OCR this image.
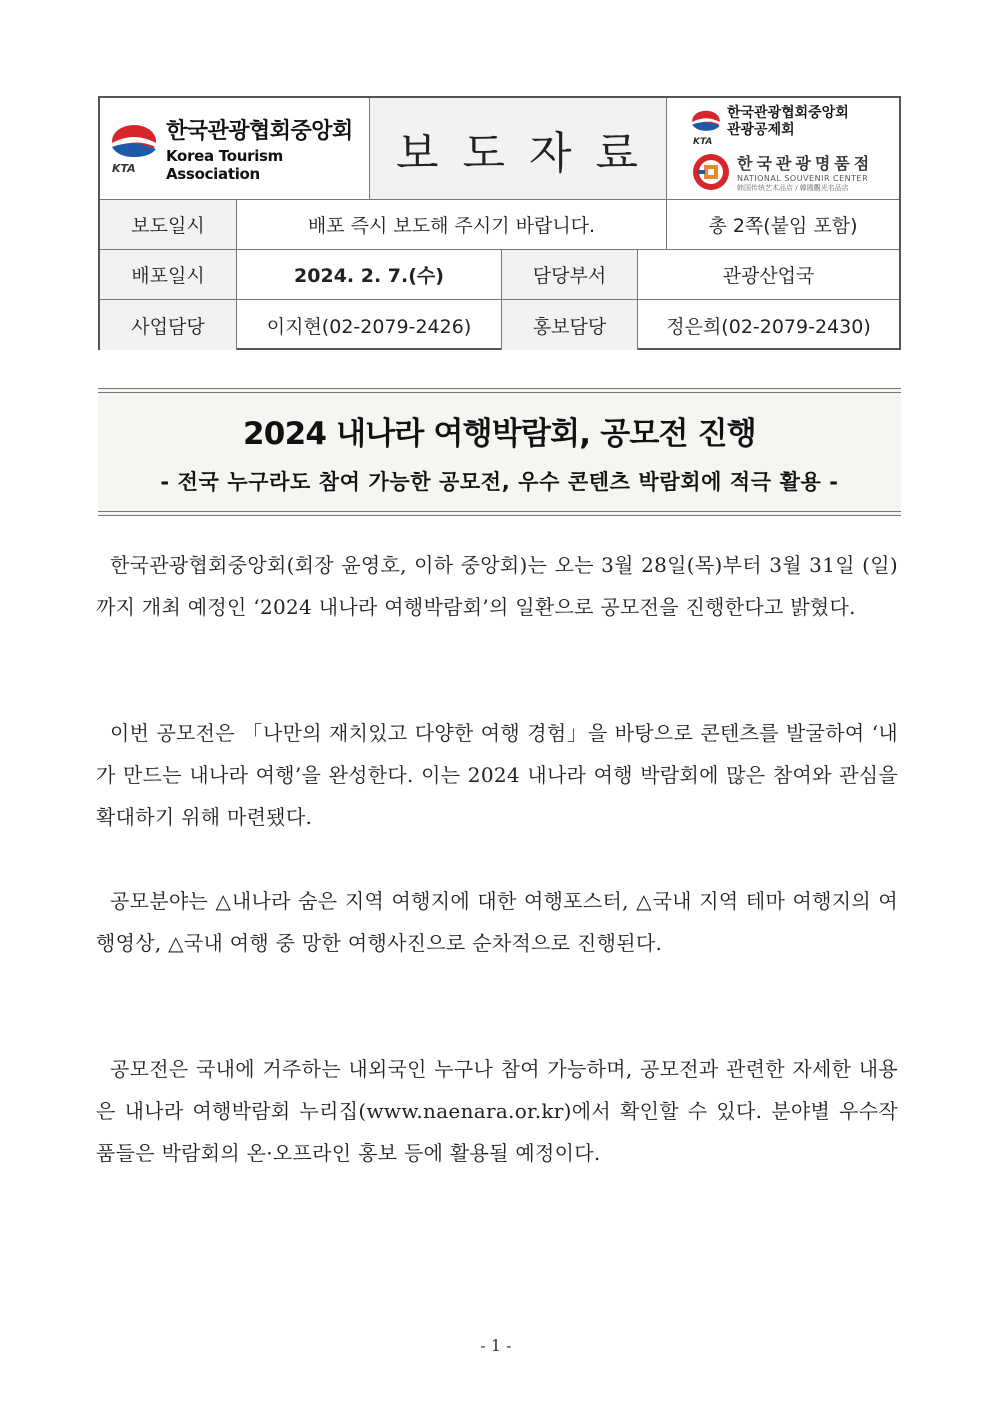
KTA
한국관광협회중앙회
Korea Tourism Association	보도자료
한국관광협회중앙회
관광공제회
KTA
한국관광명품점
NATIONAL SOUVENIR CENTER
韩国传统艺术品店 / 韓國觀光名品店
보도일시	배포 즉시 보도해 주시기 바랍니다.	총 2쪽(붙임 포함)
배포일시	2024. 2. 7.(수)	담당부서	관광산업국
사업담당	이지현(02-2079-2426)	홍보담당	정은희(02-2079-2430)
2024 내나라 여행박람회, 공모전 진행
- 전국 누구라도 참여 가능한 공모전, 우수 콘텐츠 박람회에 적극 활용 -
한국관광협회중앙회(회장 윤영호, 이하 중앙회)는 오는 3월 28일(목)부터 3월 31일 (일)까지 개최 예정인 ‘2024 내나라 여행박람회’의 일환으로 공모전을 진행한다고 밝혔다.
이번 공모전은 「나만의 재치있고 다양한 여행 경험」을 바탕으로 콘텐츠를 발굴하여 ‘내가 만드는 내나라 여행’을 완성한다. 이는 2024 내나라 여행 박람회에 많은 참여와 관심을 확대하기 위해 마련됐다.
공모분야는 △내나라 숨은 지역 여행지에 대한 여행포스터, △국내 지역 테마 여행지의 여행영상, △국내 여행 중 망한 여행사진으로 순차적으로 진행된다.
공모전은 국내에 거주하는 내외국인 누구나 참여 가능하며, 공모전과 관련한 자세한 내용은 내나라 여행박람회 누리집(www.naenara.or.kr)에서 확인할 수 있다. 분야별 우수작품들은 박람회의 온·오프라인 홍보 등에 활용될 예정이다.
- 1 -
